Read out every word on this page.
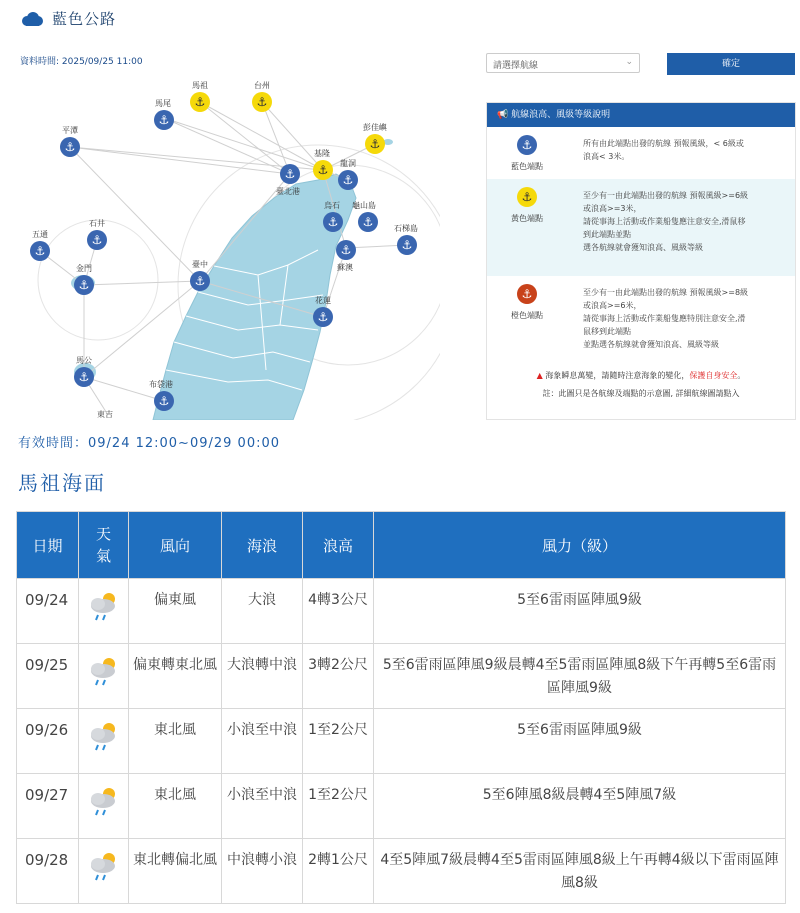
藍色公路
資料時間: 2025/09/25 11:00
⚓
馬祖
⚓
台州
⚓
馬尾
⚓
平潭
⚓
彭佳嶼
⚓
基隆
⚓
龍洞
⚓
臺北港
⚓
烏石
⚓
龜山島
⚓
石梯島
⚓
蘇澳
⚓
五通	⚓
石井
⚓
金門
⚓
臺中
⚓
花蓮
⚓
馬公
⚓
布袋港
東吉
請選擇航線	⌄	確定
📢 航線浪高、風級等級說明
⚓
藍色端點
所有由此端點出發的航線 預報風級，< 6級或
浪高< 3米。
⚓
黃色端點
至少有一由此端點出發的航線 預報風級>=6級
或浪高>=3米，
請從事海上活動或作業船隻應注意安全,滑鼠移
到此端點並點
選各航線就會獲知浪高、風級等級
⚓
橙色端點
至少有一由此端點出發的航線 預報風級>=8級
或浪高>=6米，
請從事海上活動或作業船隻應特別注意安全,滑
鼠移到此端點
並點選各航線就會獲知浪高、風級等級
▲ 海象瞬息萬變，請隨時注意海象的變化，保護自身安全。
註：此圖只是各航線及端點的示意圖, 詳細航線圖請點入
有效時間：09/24 12:00~09/29 00:00
馬祖海面
日期	天氣	風向	海浪	浪高	風力（級）
09/24		偏東風	大浪	4轉3公尺	5至6雷雨區陣風9級
09/25		偏東轉東北風	大浪轉中浪	3轉2公尺	5至6雷雨區陣風9級晨轉4至5雷雨區陣風8級下午再轉5至6雷雨區陣風9級
09/26		東北風	小浪至中浪	1至2公尺	5至6雷雨區陣風9級
09/27		東北風	小浪至中浪	1至2公尺	5至6陣風8級晨轉4至5陣風7級
09/28		東北轉偏北風	中浪轉小浪	2轉1公尺	4至5陣風7級晨轉4至5雷雨區陣風8級上午再轉4級以下雷雨區陣風8級
